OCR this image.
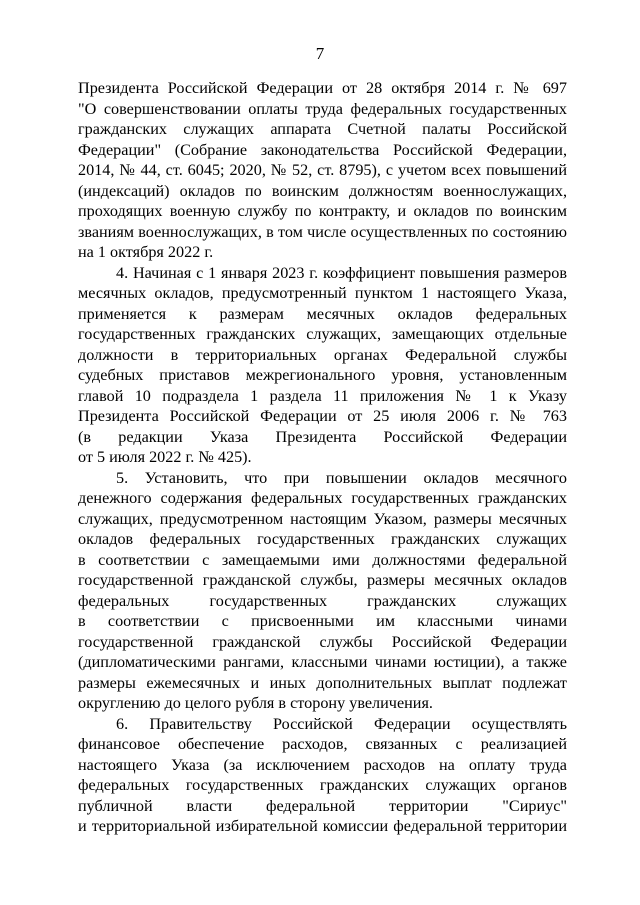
7
Президента Российской Федерации от 28 октября 2014 г. № 697
"О совершенствовании оплаты труда федеральных государственных
гражданских служащих аппарата Счетной палаты Российской
Федерации" (Собрание законодательства Российской Федерации,
2014, № 44, ст. 6045; 2020, № 52, ст. 8795), с учетом всех повышений
(индексаций) окладов по воинским должностям военнослужащих,
проходящих военную службу по контракту, и окладов по воинским
званиям военнослужащих, в том числе осуществленных по состоянию
на 1 октября 2022 г.
4. Начиная с 1 января 2023 г. коэффициент повышения размеров
месячных окладов, предусмотренный пунктом 1 настоящего Указа,
применяется к размерам месячных окладов федеральных
государственных гражданских служащих, замещающих отдельные
должности в территориальных органах Федеральной службы
судебных приставов межрегионального уровня, установленным
главой 10 подраздела 1 раздела 11 приложения № 1 к Указу
Президента Российской Федерации от 25 июля 2006 г. № 763
(в редакции Указа Президента Российской Федерации
от 5 июля 2022 г. № 425).
5. Установить, что при повышении окладов месячного
денежного содержания федеральных государственных гражданских
служащих, предусмотренном настоящим Указом, размеры месячных
окладов федеральных государственных гражданских служащих
в соответствии с замещаемыми ими должностями федеральной
государственной гражданской службы, размеры месячных окладов
федеральных государственных гражданских служащих
в соответствии с присвоенными им классными чинами
государственной гражданской службы Российской Федерации
(дипломатическими рангами, классными чинами юстиции), а также
размеры ежемесячных и иных дополнительных выплат подлежат
округлению до целого рубля в сторону увеличения.
6. Правительству Российской Федерации осуществлять
финансовое обеспечение расходов, связанных с реализацией
настоящего Указа (за исключением расходов на оплату труда
федеральных государственных гражданских служащих органов
публичной власти федеральной территории "Сириус"
и территориальной избирательной комиссии федеральной территории
